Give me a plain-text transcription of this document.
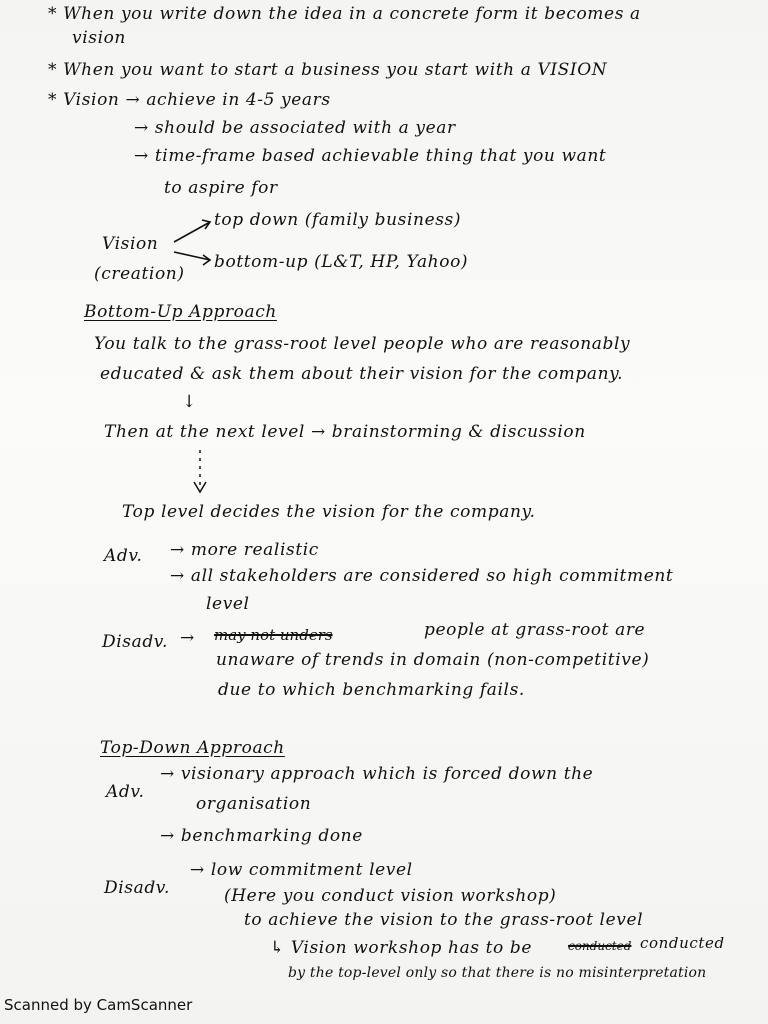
* When you write down the idea in a concrete form it becomes a
vision
* When you want to start a business you start with a VISION
* Vision → achieve in 4-5 years
→ should be associated with a year
→ time-frame based achievable thing that you want
to aspire for
Vision
(creation)
top down (family business)
bottom-up (L&T, HP, Yahoo)
Bottom-Up Approach
You talk to the grass-root level people who are reasonably
educated & ask them about their vision for the company.
↓
Then at the next level → brainstorming & discussion
Top level decides the vision for the company.
Adv. → more realistic
→ all stakeholders are considered so high commitment
level
Disadv. → may not unders	people at grass-root are
unaware of trends in domain (non-competitive)
due to which benchmarking fails.
Top-Down Approach
Adv.
→ visionary approach which is forced down the
organisation
→ benchmarking done
Disadv.
→ low commitment level
(Here you conduct vision workshop)
to achieve the vision to the grass-root level
↳ Vision workshop has to be	conducted conducted
by the top-level only so that there is no misinterpretation
Scanned by CamScanner
